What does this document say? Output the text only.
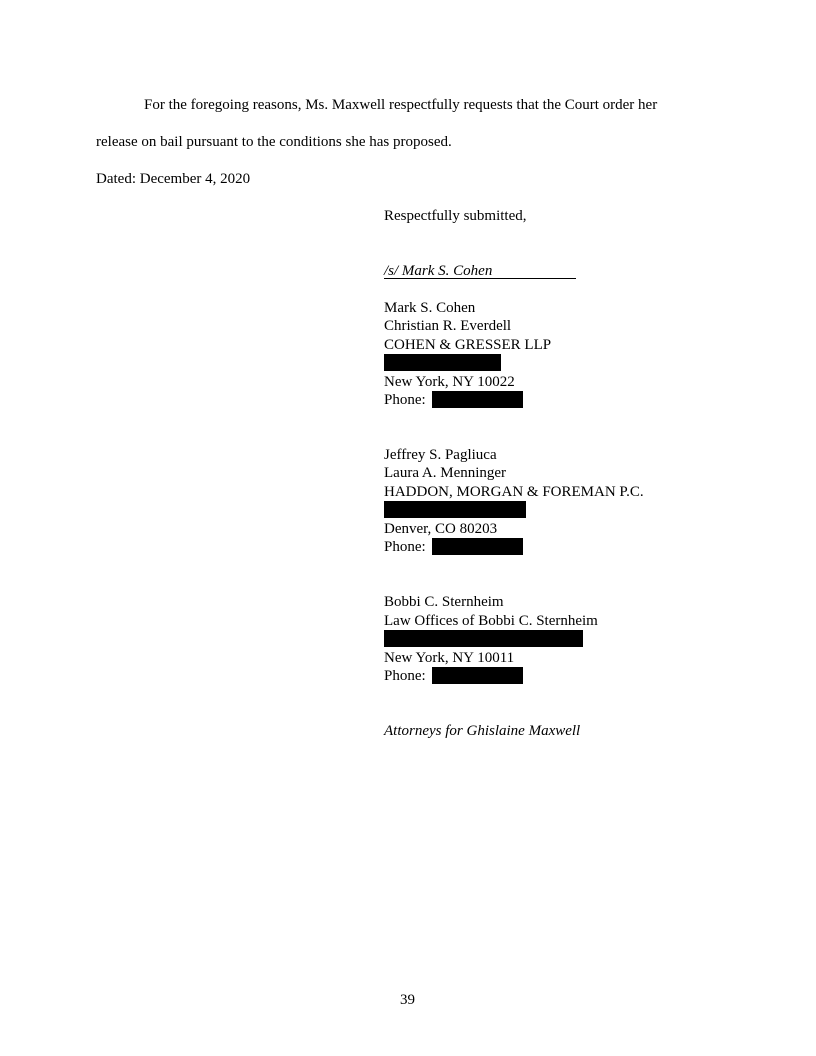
For the foregoing reasons, Ms. Maxwell respectfully requests that the Court order her
release on bail pursuant to the conditions she has proposed.
Dated: December 4, 2020
Respectfully submitted,
/s/ Mark S. Cohen
Mark S. Cohen
Christian R. Everdell
COHEN & GRESSER LLP
New York, NY 10022
Phone:
Jeffrey S. Pagliuca
Laura A. Menninger
HADDON, MORGAN & FOREMAN P.C.
Denver, CO 80203
Phone:
Bobbi C. Sternheim
Law Offices of Bobbi C. Sternheim
New York, NY 10011
Phone:
Attorneys for Ghislaine Maxwell
39
